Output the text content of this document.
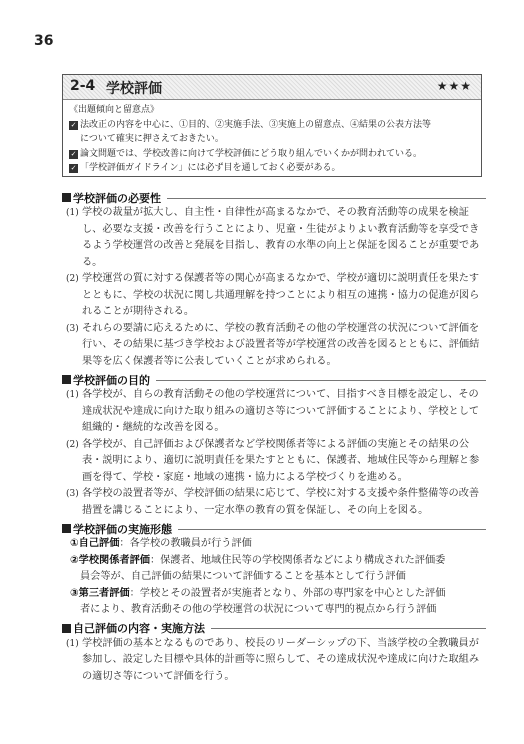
36
2-4 学校評価	★★★
《出題傾向と留意点》
✓ 法改正の内容を中心に、①目的、②実施手法、③実施上の留意点、④結果の公表方法等
について確実に押さえておきたい。
✓ 論文問題では、学校改善に向けて学校評価にどう取り組んでいくかが問われている。
✓ 「学校評価ガイドライン」には必ず目を通しておく必要がある。
学校評価の必要性
(1) 学校の裁量が拡大し、自主性・自律性が高まるなかで、その教育活動等の成果を検証し、必要な支援・改善を行うことにより、児童・生徒がよりよい教育活動等を享受できるよう学校運営の改善と発展を目指し、教育の水準の向上と保証を図ることが重要である。
(2) 学校運営の質に対する保護者等の関心が高まるなかで、学校が適切に説明責任を果たすとともに、学校の状況に関し共通理解を持つことにより相互の連携・協力の促進が図られることが期待される。
(3) それらの要請に応えるために、学校の教育活動その他の学校運営の状況について評価を行い、その結果に基づき学校および設置者等が学校運営の改善を図るとともに、評価結果等を広く保護者等に公表していくことが求められる。
学校評価の目的
(1) 各学校が、自らの教育活動その他の学校運営について、目指すべき目標を設定し、その達成状況や達成に向けた取り組みの適切さ等について評価することにより、学校として組織的・継続的な改善を図る。
(2) 各学校が、自己評価および保護者など学校関係者等による評価の実施とその結果の公表・説明により、適切に説明責任を果たすとともに、保護者、地域住民等から理解と参画を得て、学校・家庭・地域の連携・協力による学校づくりを進める。
(3) 各学校の設置者等が、学校評価の結果に応じて、学校に対する支援や条件整備等の改善措置を講じることにより、一定水準の教育の質を保証し、その向上を図る。
学校評価の実施形態
①自己評価：各学校の教職員が行う評価
②学校関係者評価：保護者、地域住民等の学校関係者などにより構成された評価委
員会等が、自己評価の結果について評価することを基本として行う評価
③第三者評価：学校とその設置者が実施者となり、外部の専門家を中心とした評価
者により、教育活動その他の学校運営の状況について専門的視点から行う評価
自己評価の内容・実施方法
(1) 学校評価の基本となるものであり、校長のリーダーシップの下、当該学校の全教職員が参加し、設定した目標や具体的計画等に照らして、その達成状況や達成に向けた取組みの適切さ等について評価を行う。
